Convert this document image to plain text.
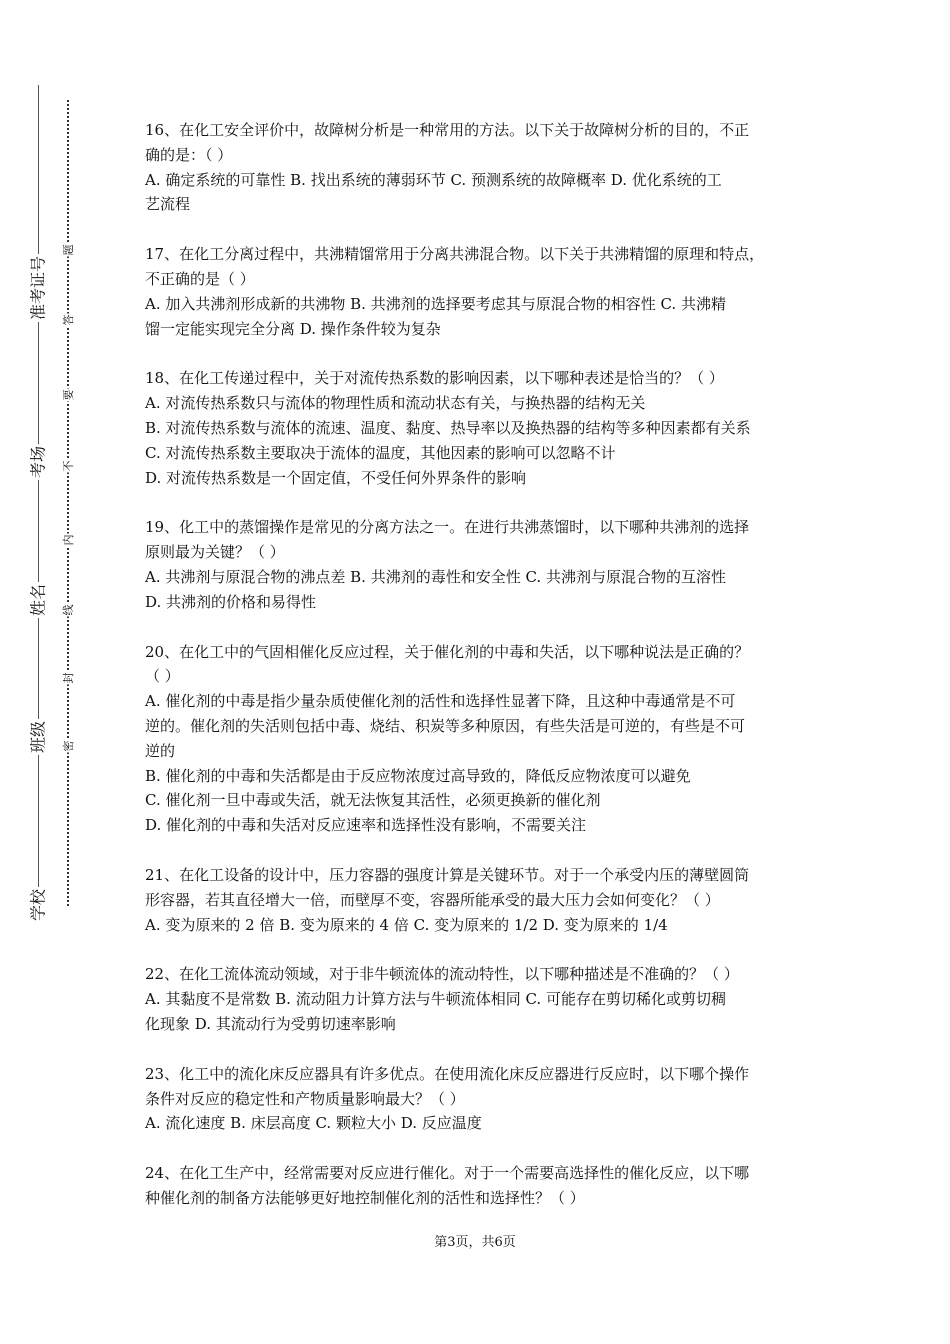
学校
班级
姓名
考场
准考证号
密
封
线
内
不
要
答
题
16、在化工安全评价中，故障树分析是一种常用的方法。以下关于故障树分析的目的，不正
确的是：（ ）
A. 确定系统的可靠性 B. 找出系统的薄弱环节 C. 预测系统的故障概率 D. 优化系统的工
艺流程
17、在化工分离过程中，共沸精馏常用于分离共沸混合物。以下关于共沸精馏的原理和特点，
不正确的是（ ）
A. 加入共沸剂形成新的共沸物 B. 共沸剂的选择要考虑其与原混合物的相容性 C. 共沸精
馏一定能实现完全分离 D. 操作条件较为复杂
18、在化工传递过程中，关于对流传热系数的影响因素，以下哪种表述是恰当的？（ ）
A. 对流传热系数只与流体的物理性质和流动状态有关，与换热器的结构无关
B. 对流传热系数与流体的流速、温度、黏度、热导率以及换热器的结构等多种因素都有关系
C. 对流传热系数主要取决于流体的温度，其他因素的影响可以忽略不计
D. 对流传热系数是一个固定值，不受任何外界条件的影响
19、化工中的蒸馏操作是常见的分离方法之一。在进行共沸蒸馏时，以下哪种共沸剂的选择
原则最为关键？（ ）
A. 共沸剂与原混合物的沸点差 B. 共沸剂的毒性和安全性 C. 共沸剂与原混合物的互溶性
D. 共沸剂的价格和易得性
20、在化工中的气固相催化反应过程，关于催化剂的中毒和失活，以下哪种说法是正确的？
（ ）
A. 催化剂的中毒是指少量杂质使催化剂的活性和选择性显著下降，且这种中毒通常是不可
逆的。催化剂的失活则包括中毒、烧结、积炭等多种原因，有些失活是可逆的，有些是不可
逆的
B. 催化剂的中毒和失活都是由于反应物浓度过高导致的，降低反应物浓度可以避免
C. 催化剂一旦中毒或失活，就无法恢复其活性，必须更换新的催化剂
D. 催化剂的中毒和失活对反应速率和选择性没有影响，不需要关注
21、在化工设备的设计中，压力容器的强度计算是关键环节。对于一个承受内压的薄壁圆筒
形容器，若其直径增大一倍，而壁厚不变，容器所能承受的最大压力会如何变化？（ ）
A. 变为原来的 2 倍 B. 变为原来的 4 倍 C. 变为原来的 1/2 D. 变为原来的 1/4
22、在化工流体流动领域，对于非牛顿流体的流动特性，以下哪种描述是不准确的？（ ）
A. 其黏度不是常数 B. 流动阻力计算方法与牛顿流体相同 C. 可能存在剪切稀化或剪切稠
化现象 D. 其流动行为受剪切速率影响
23、化工中的流化床反应器具有许多优点。在使用流化床反应器进行反应时，以下哪个操作
条件对反应的稳定性和产物质量影响最大？（ ）
A. 流化速度 B. 床层高度 C. 颗粒大小 D. 反应温度
24、在化工生产中，经常需要对反应进行催化。对于一个需要高选择性的催化反应，以下哪
种催化剂的制备方法能够更好地控制催化剂的活性和选择性？（ ）
第3页，共6页
